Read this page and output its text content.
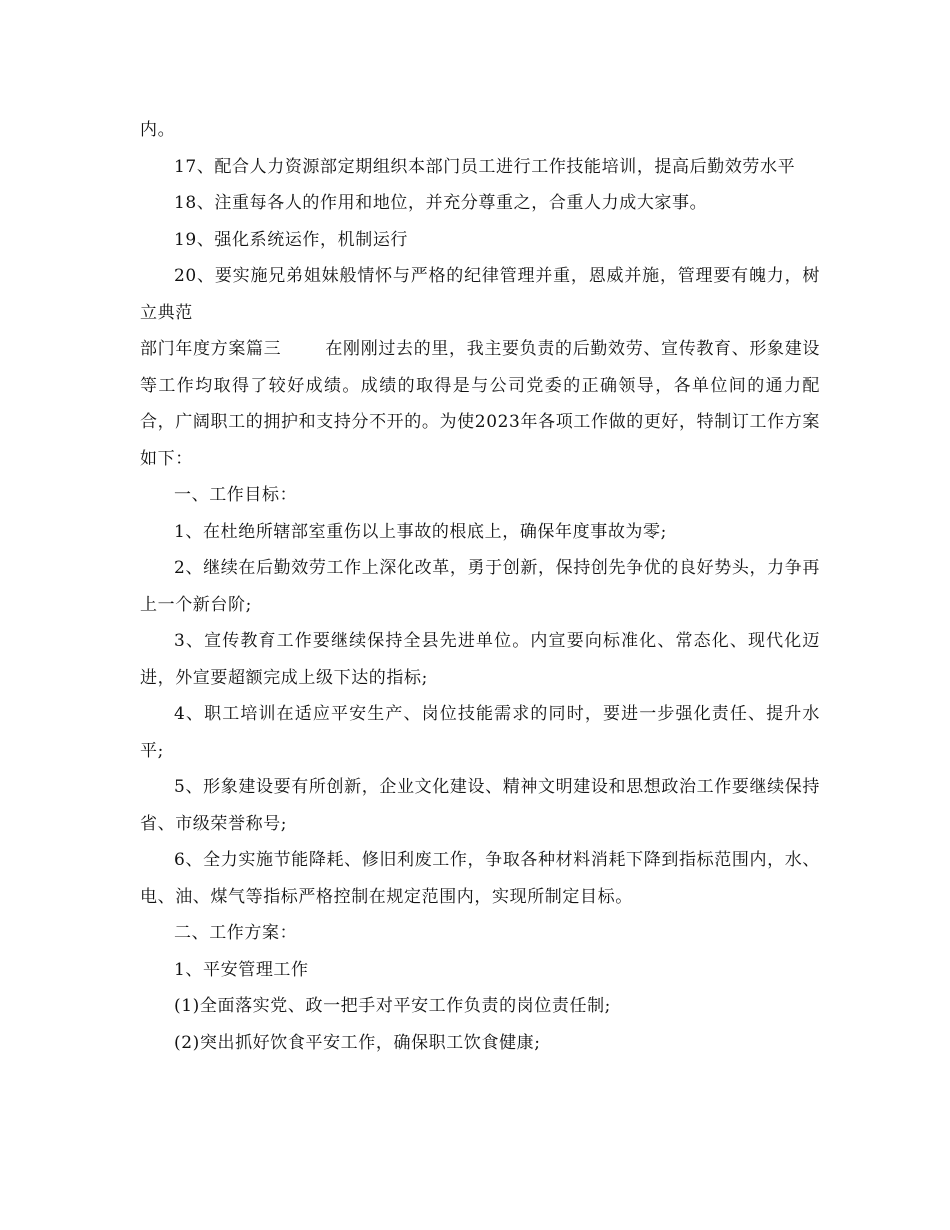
内。

17、配合人力资源部定期组织本部门员工进行工作技能培训，提高后勤效劳水平

18、注重每各人的作用和地位，并充分尊重之，合重人力成大家事。

19、强化系统运作，机制运行

20、要实施兄弟姐妹般情怀与严格的纪律管理并重，恩威并施，管理要有魄力，树立典范

部门年度方案篇三	在刚刚过去的里，我主要负责的后勤效劳、宣传教育、形象建设等工作均取得了较好成绩。成绩的取得是与公司党委的正确领导，各单位间的通力配合，广阔职工的拥护和支持分不开的。为使2023年各项工作做的更好，特制订工作方案如下：

一、工作目标：

1、在杜绝所辖部室重伤以上事故的根底上，确保年度事故为零;

2、继续在后勤效劳工作上深化改革，勇于创新，保持创先争优的良好势头，力争再上一个新台阶;

3、宣传教育工作要继续保持全县先进单位。内宣要向标准化、常态化、现代化迈进，外宣要超额完成上级下达的指标;

4、职工培训在适应平安生产、岗位技能需求的同时，要进一步强化责任、提升水平;

5、形象建设要有所创新，企业文化建设、精神文明建设和思想政治工作要继续保持省、市级荣誉称号;

6、全力实施节能降耗、修旧利废工作，争取各种材料消耗下降到指标范围内，水、电、油、煤气等指标严格控制在规定范围内，实现所制定目标。

二、工作方案：

1、平安管理工作

(1)全面落实党、政一把手对平安工作负责的岗位责任制;

(2)突出抓好饮食平安工作，确保职工饮食健康;
